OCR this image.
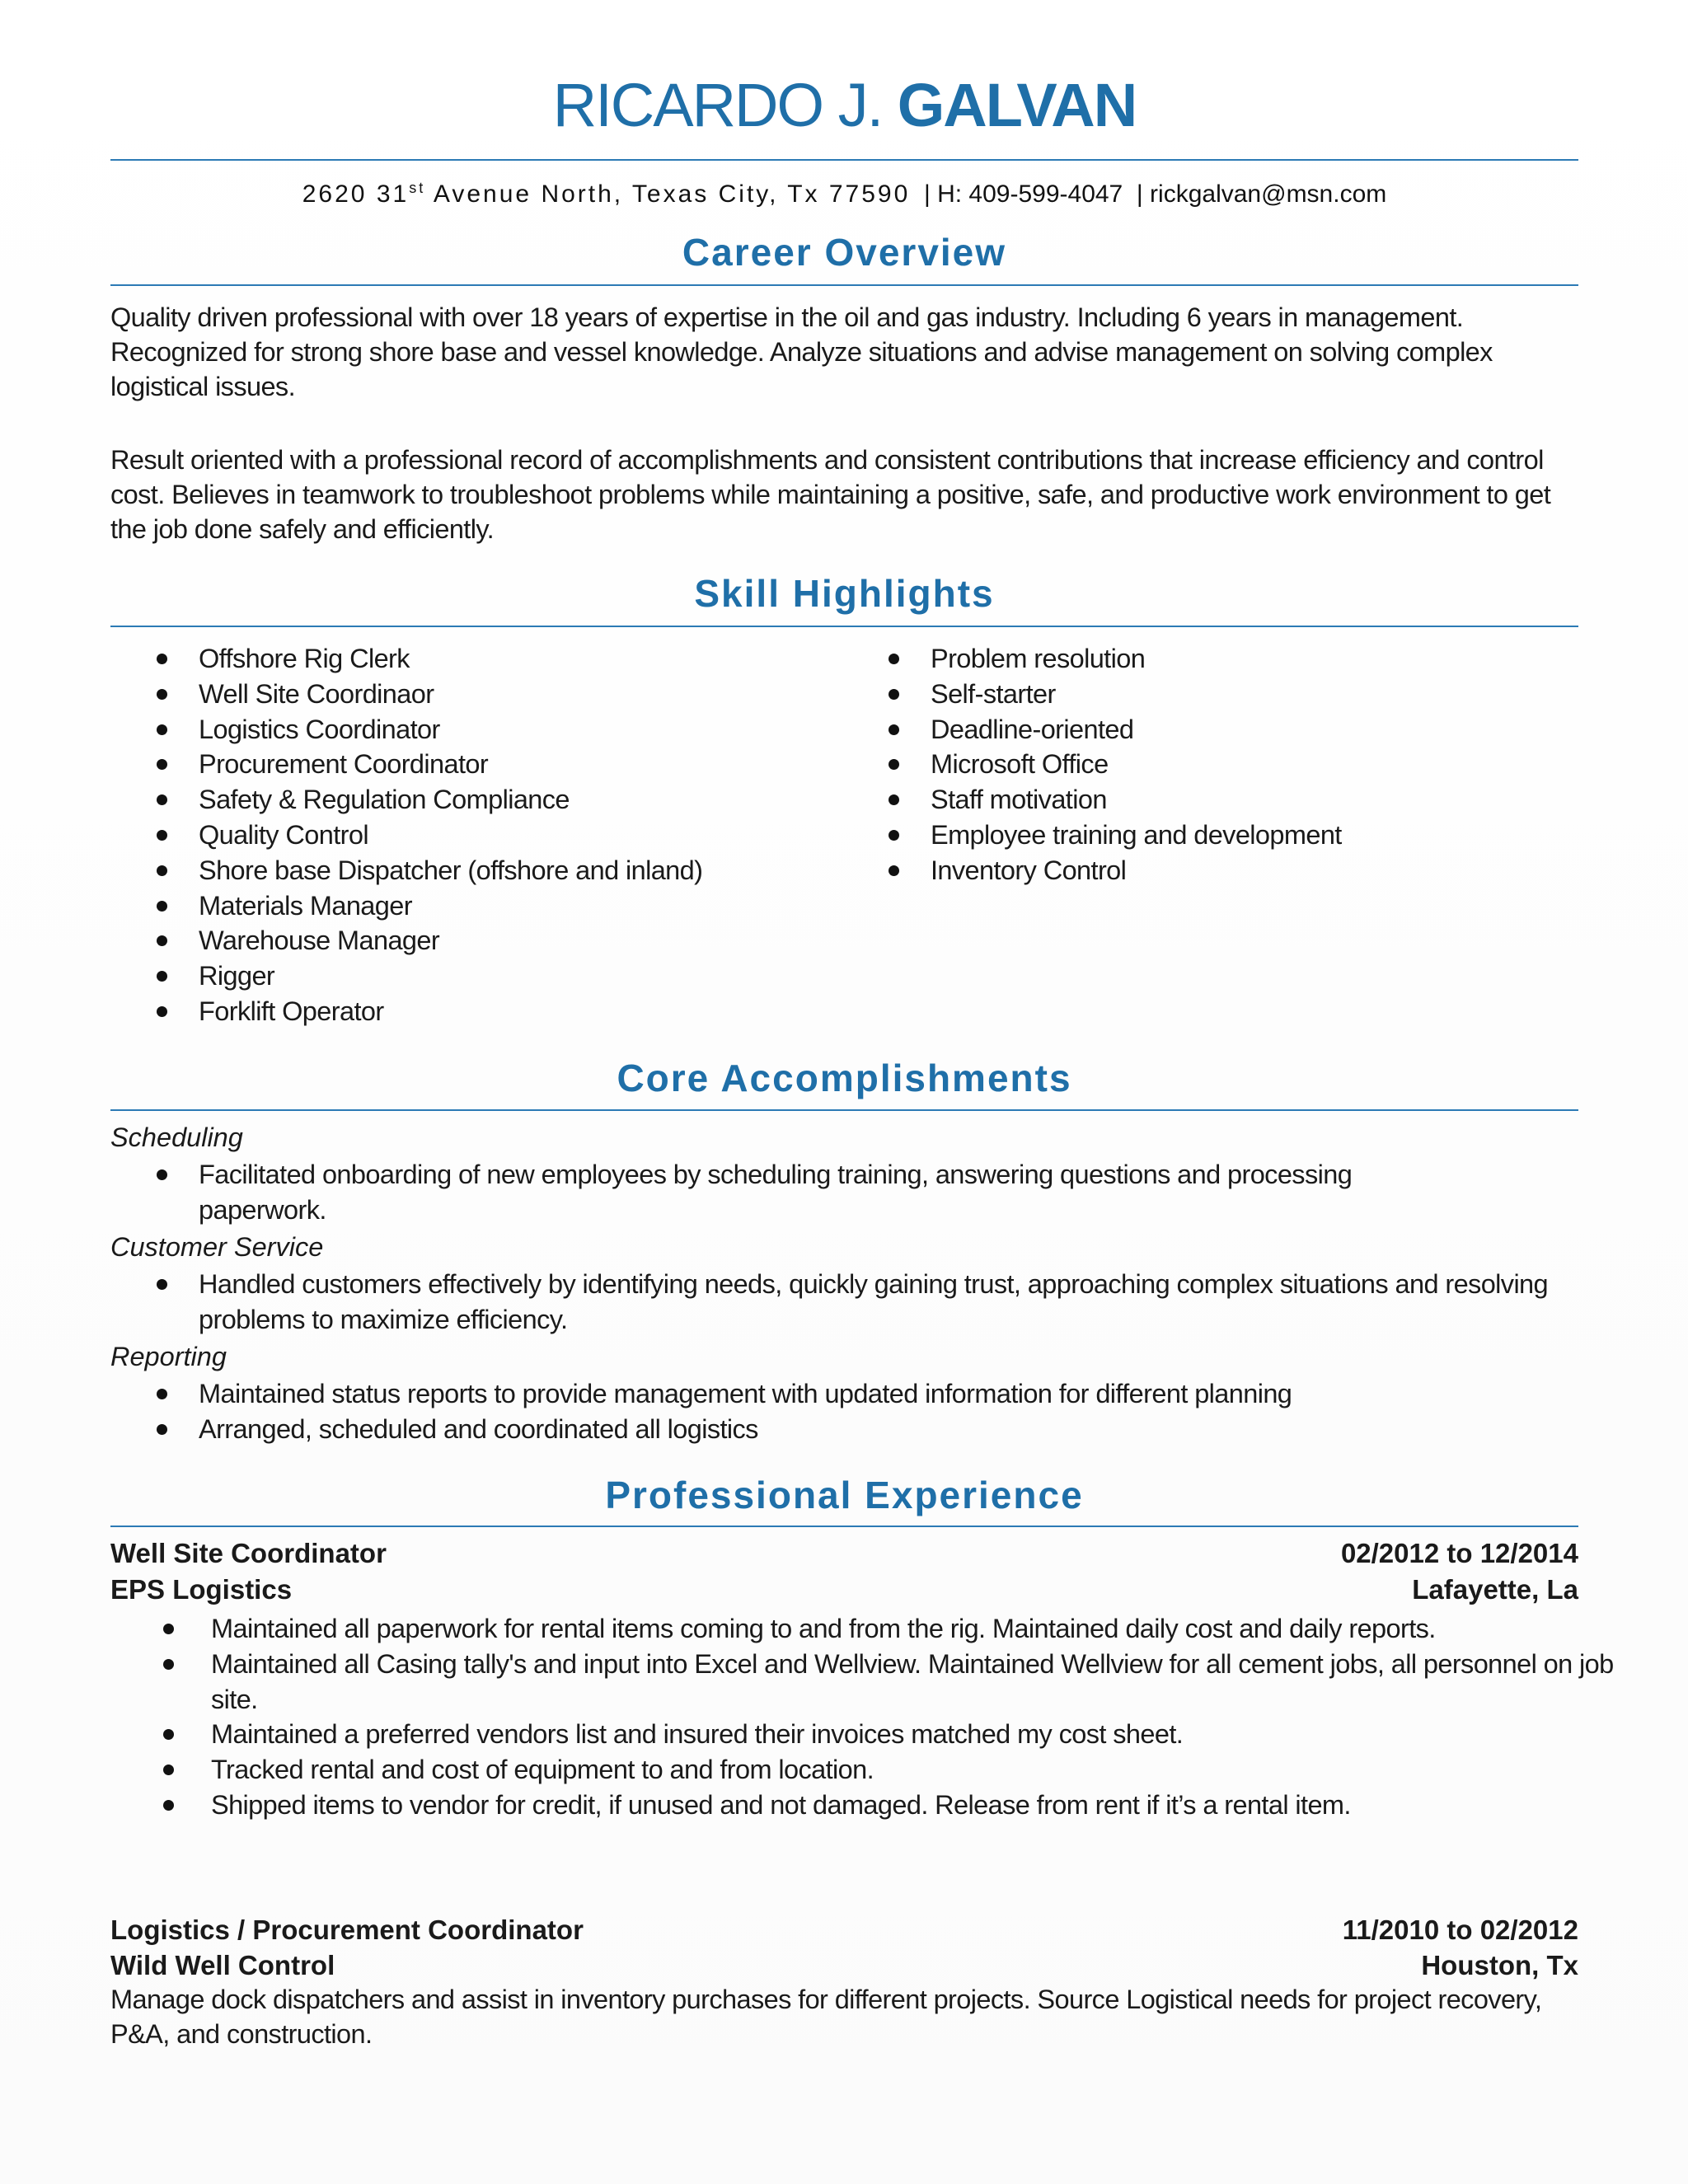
RICARDO J. GALVAN
2620 31st Avenue North, Texas City, Tx 77590 | H: 409-599-4047 | rickgalvan@msn.com
Career Overview
Quality driven professional with over 18 years of expertise in the oil and gas industry. Including 6 years in management. Recognized for strong shore base and vessel knowledge. Analyze situations and advise management on solving complex logistical issues.
Result oriented with a professional record of accomplishments and consistent contributions that increase efficiency and control cost. Believes in teamwork to troubleshoot problems while maintaining a positive, safe, and productive work environment to get the job done safely and efficiently.
Skill Highlights
Offshore Rig Clerk
Well Site Coordinaor
Logistics Coordinator
Procurement Coordinator
Safety & Regulation Compliance
Quality Control
Shore base Dispatcher (offshore and inland)
Materials Manager
Warehouse Manager
Rigger
Forklift Operator
Problem resolution
Self-starter
Deadline-oriented
Microsoft Office
Staff motivation
Employee training and development
Inventory Control
Core Accomplishments
Scheduling
Facilitated onboarding of new employees by scheduling training, answering questions and processing paperwork.
Customer Service
Handled customers effectively by identifying needs, quickly gaining trust, approaching complex situations and resolving problems to maximize efficiency.
Reporting
Maintained status reports to provide management with updated information for different planning
Arranged, scheduled and coordinated all logistics
Professional Experience
Well Site Coordinator	02/2012 to 12/2014
EPS Logistics	Lafayette, La
Maintained all paperwork for rental items coming to and from the rig. Maintained daily cost and daily reports.
Maintained all Casing tally's and input into Excel and Wellview. Maintained Wellview for all cement jobs, all personnel on job site.
Maintained a preferred vendors list and insured their invoices matched my cost sheet.
Tracked rental and cost of equipment to and from location.
Shipped items to vendor for credit, if unused and not damaged. Release from rent if it’s a rental item.
Logistics / Procurement Coordinator	11/2010 to 02/2012
Wild Well Control	Houston, Tx
Manage dock dispatchers and assist in inventory purchases for different projects. Source Logistical needs for project recovery, P&A, and construction.
